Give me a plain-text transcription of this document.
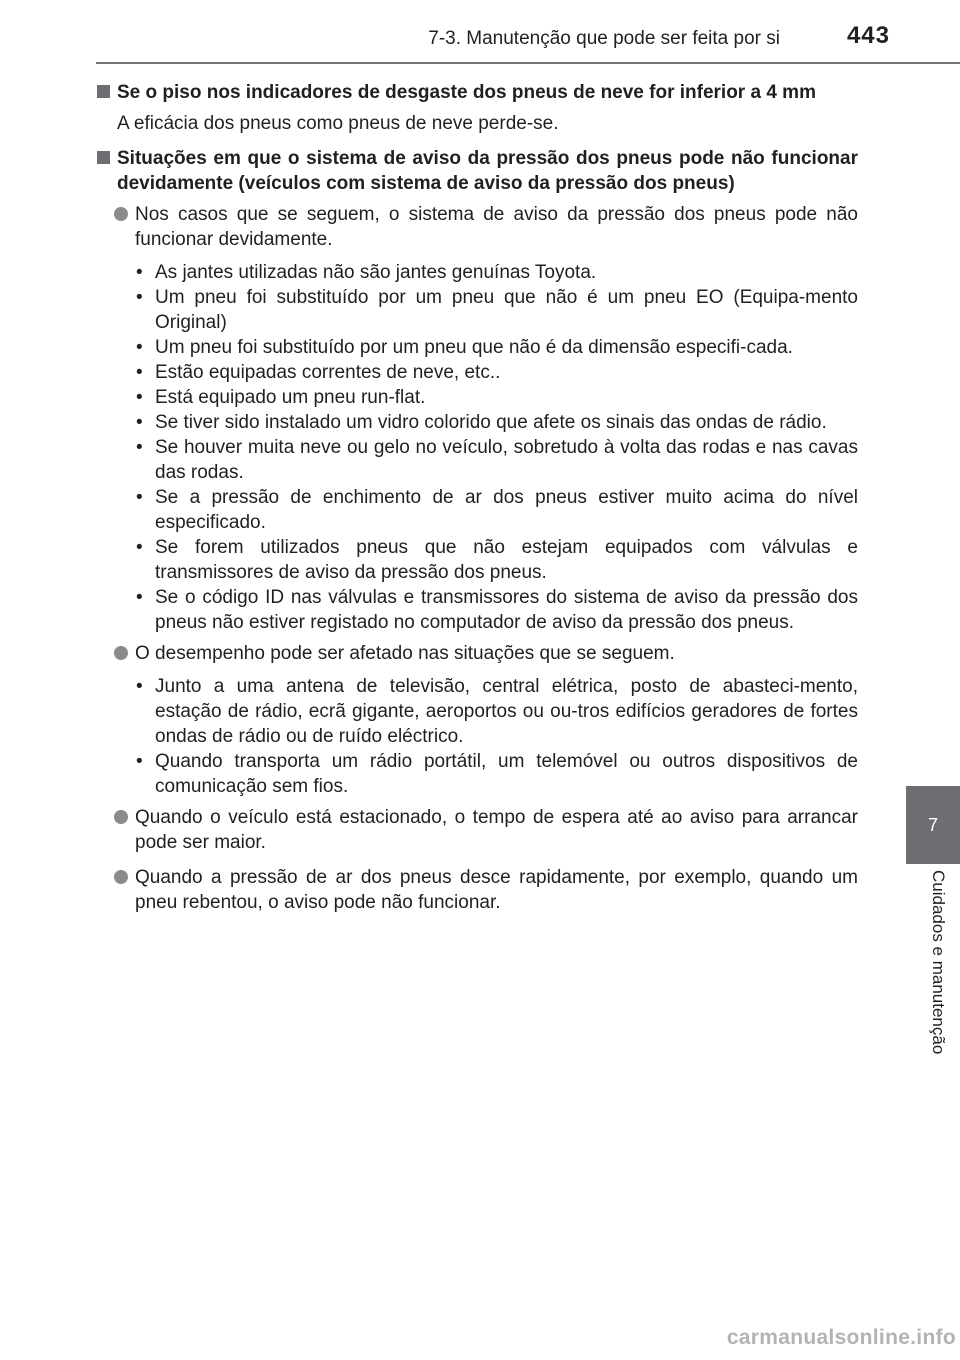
7-3. Manutenção que pode ser feita por si	443
7
Cuidados e manutenção
Se o piso nos indicadores de desgaste dos pneus de neve for inferior a 4 mm
A eficácia dos pneus como pneus de neve perde-se.
Situações em que o sistema de aviso da pressão dos pneus pode não funcionar devidamente (veículos com sistema de aviso da pressão dos pneus)
Nos casos que se seguem, o sistema de aviso da pressão dos pneus pode não funcionar devidamente.
• As jantes utilizadas não são jantes genuínas Toyota.
• Um pneu foi substituído por um pneu que não é um pneu EO (Equipa-mento Original)
• Um pneu foi substituído por um pneu que não é da dimensão especifi-cada.
• Estão equipadas correntes de neve, etc..
• Está equipado um pneu run-flat.
• Se tiver sido instalado um vidro colorido que afete os sinais das ondas de rádio.
• Se houver muita neve ou gelo no veículo, sobretudo à volta das rodas e nas cavas das rodas.
• Se a pressão de enchimento de ar dos pneus estiver muito acima do nível especificado.
• Se forem utilizados pneus que não estejam equipados com válvulas e transmissores de aviso da pressão dos pneus.
• Se o código ID nas válvulas e transmissores do sistema de aviso da pressão dos pneus não estiver registado no computador de aviso da pressão dos pneus.
O desempenho pode ser afetado nas situações que se seguem.
• Junto a uma antena de televisão, central elétrica, posto de abasteci-mento, estação de rádio, ecrã gigante, aeroportos ou ou-tros edifícios geradores de fortes ondas de rádio ou de ruído eléctrico.
• Quando transporta um rádio portátil, um telemóvel ou outros dispositivos de comunicação sem fios.
Quando o veículo está estacionado, o tempo de espera até ao aviso para arrancar pode ser maior.
Quando a pressão de ar dos pneus desce rapidamente, por exemplo, quando um pneu rebentou, o aviso pode não funcionar.
carmanualsonline.info
